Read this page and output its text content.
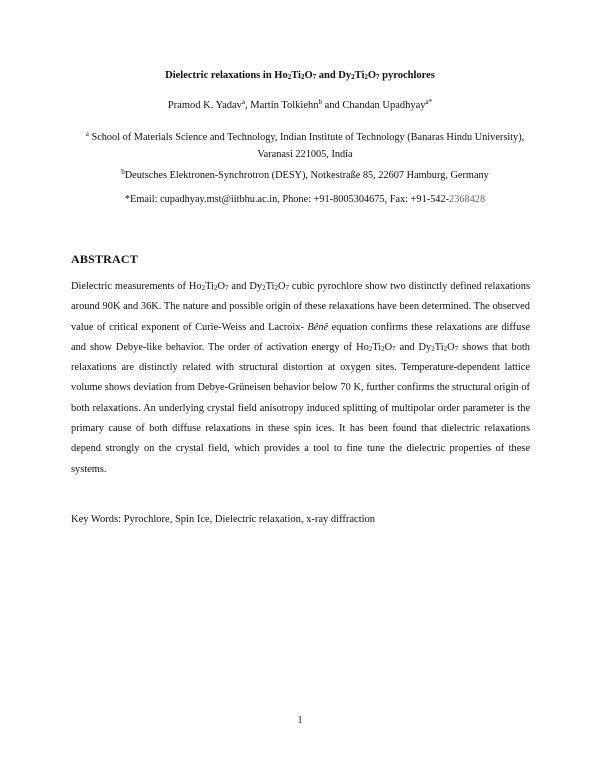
Dielectric relaxations in $Ho_2Ti_2O_7$ and $Dy_2Ti_2O_7$ pyrochlores
Pramod K. Yadav$^a$, Martin Tolkiehn$^b$ and Chandan Upadhyay$^{a*}$
$^a$ School of Materials Science and Technology, Indian Institute of Technology (Banaras Hindu University), Varanasi 221005, India
$^b$Deutsches Elektronen-Synchrotron (DESY), Notkestraße 85, 22607 Hamburg, Germany
*Email: cupadhyay.mst@iitbhu.ac.in, Phone: +91-8005304675, Fax: +91-542-2368428
ABSTRACT

Dielectric measurements of $Ho_2Ti_2O_7$ and $Dy_2Ti_2O_7$ cubic pyrochlore show two distinctly defined relaxations around 90K and 36K. The nature and possible origin of these relaxations have been determined. The observed value of critical exponent of Curie-Weiss and Lacroix- Bênê equation confirms these relaxations are diffuse and show Debye-like behavior. The order of activation energy of $Ho_2Ti_2O_7$ and $Dy_2Ti_2O_7$ shows that both relaxations are distinctly related with structural distortion at oxygen sites. Temperature-dependent lattice volume shows deviation from Debye-Grüneisen behavior below 70 K, further confirms the structural origin of both relaxations. An underlying crystal field anisotropy induced splitting of multipolar order parameter is the primary cause of both diffuse relaxations in these spin ices. It has been found that dielectric relaxations depend strongly on the crystal field, which provides a tool to fine tune the dielectric properties of these systems.

Key Words: Pyrochlore, Spin Ice, Dielectric relaxation, x-ray diffraction
1
